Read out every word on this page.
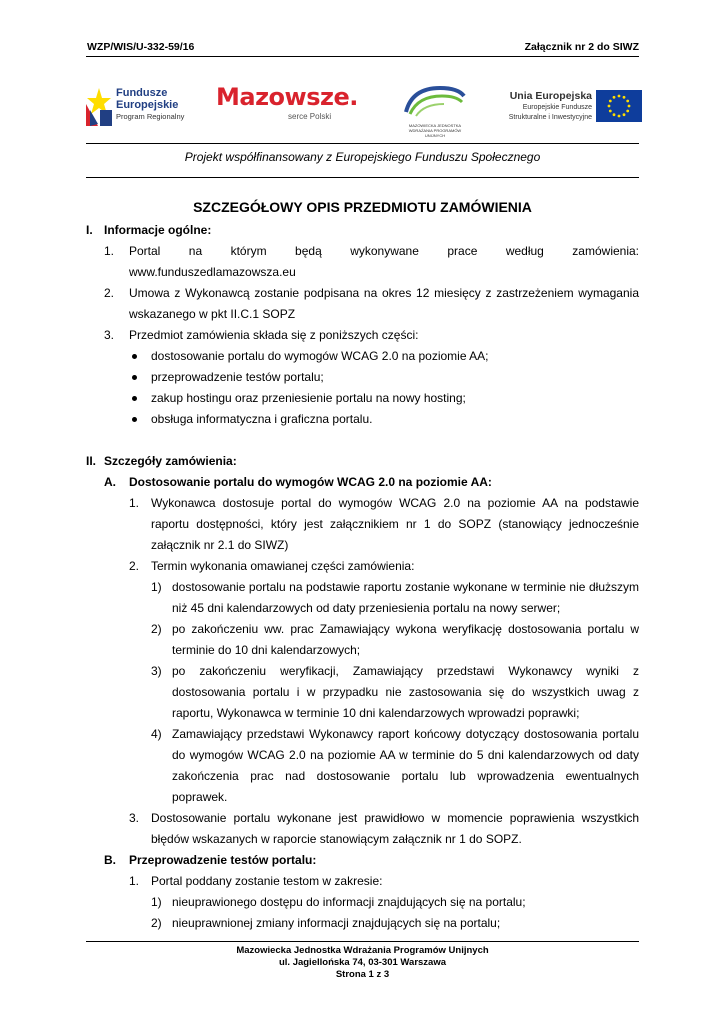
WZP/WIS/U-332-59/16	Załącznik nr 2 do SIWZ
Fundusze
Europejskie
Program Regionalny
Mazowsze.
serce Polski
MAZOWIECKA JEDNOSTKA WDRAŻANIA PROGRAMÓW UNIJNYCH
Unia Europejska
Europejskie Fundusze
Strukturalne i Inwestycyjne
Projekt współfinansowany z Europejskiego Funduszu Społecznego
SZCZEGÓŁOWY OPIS PRZEDMIOTU ZAMÓWIENIA
I. Informacje ogólne:
1. Portal na którym będą wykonywane prace według zamówienia:
www.funduszedlamazowsza.eu
2. Umowa z Wykonawcą zostanie podpisana na okres 12 miesięcy z zastrzeżeniem wymagania wskazanego w pkt II.C.1 SOPZ
3. Przedmiot zamówienia składa się z poniższych części:
dostosowanie portalu do wymogów WCAG 2.0 na poziomie AA;
przeprowadzenie testów portalu;
zakup hostingu oraz przeniesienie portalu na nowy hosting;
obsługa informatyczna i graficzna portalu.
II. Szczegóły zamówienia:
A. Dostosowanie portalu do wymogów WCAG 2.0 na poziomie AA:
1. Wykonawca dostosuje portal do wymogów WCAG 2.0 na poziomie AA na podstawie raportu dostępności, który jest załącznikiem nr 1 do SOPZ (stanowiący jednocześnie załącznik nr 2.1 do SIWZ)
2. Termin wykonania omawianej części zamówienia:
1) dostosowanie portalu na podstawie raportu zostanie wykonane w terminie nie dłuższym niż 45 dni kalendarzowych od daty przeniesienia portalu na nowy serwer;
2) po zakończeniu ww. prac Zamawiający wykona weryfikację dostosowania portalu w terminie do 10 dni kalendarzowych;
3) po zakończeniu weryfikacji, Zamawiający przedstawi Wykonawcy wyniki z dostosowania portalu i w przypadku nie zastosowania się do wszystkich uwag z raportu, Wykonawca w terminie 10 dni kalendarzowych wprowadzi poprawki;
4) Zamawiający przedstawi Wykonawcy raport końcowy dotyczący dostosowania portalu do wymogów WCAG 2.0 na poziomie AA w terminie do 5 dni kalendarzowych od daty zakończenia prac nad dostosowanie portalu lub wprowadzenia ewentualnych poprawek.
3. Dostosowanie portalu wykonane jest prawidłowo w momencie poprawienia wszystkich błędów wskazanych w raporcie stanowiącym załącznik nr 1 do SOPZ.
B. Przeprowadzenie testów portalu:
1. Portal poddany zostanie testom w zakresie:
1) nieuprawionego dostępu do informacji znajdujących się na portalu;
2) nieuprawnionej zmiany informacji znajdujących się na portalu;
Mazowiecka Jednostka Wdrażania Programów Unijnych
ul. Jagiellońska 74, 03-301 Warszawa
Strona 1 z 3
